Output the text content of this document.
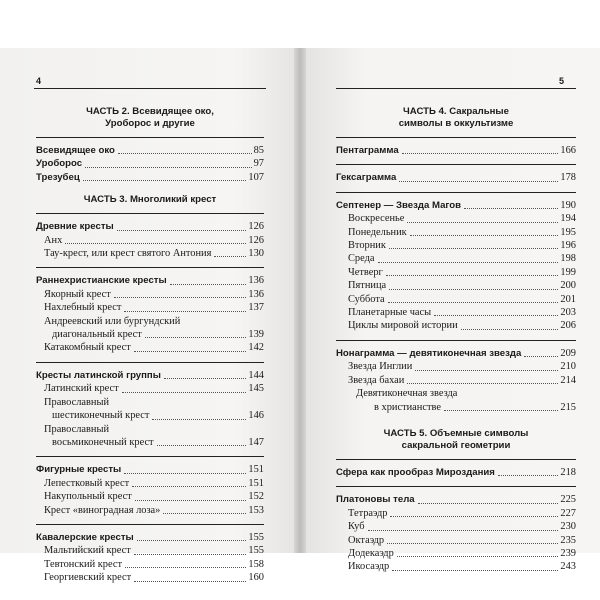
4
ЧАСТЬ 2. Всевидящее око,
Уроборос и другие
Всевидящее око	85
Уроборос	97
Трезубец	107
ЧАСТЬ 3. Многоликий крест
Древние кресты	126
Анх	126
Тау-крест, или крест святого Антония	130
Раннехристианские кресты	136
Якорный крест	136
Нахлебный крест	137
Андреевский или бургундский
диагональный крест	139
Катакомбный крест	142
Кресты латинской группы	144
Латинский крест	145
Православный
шестиконечный крест	146
Православный
восьмиконечный крест	147
Фигурные кресты	151
Лепестковый крест	151
Накупольный крест	152
Крест «виноградная лоза»	153
Кавалерские кресты	155
Мальтийский крест	155
Тевтонский крест	158
Георгиевский крест	160
5
ЧАСТЬ 4. Сакральные
символы в оккультизме
Пентаграмма	166
Гексаграмма	178
Септенер — Звезда Магов	190
Воскресенье	194
Понедельник	195
Вторник	196
Среда	198
Четверг	199
Пятница	200
Суббота	201
Планетарные часы	203
Циклы мировой истории	206
Нонаграмма — девятиконечная звезда	209
Звезда Инглии	210
Звезда бахаи	214
Девятиконечная звезда
в христианстве	215
ЧАСТЬ 5. Объемные символы
сакральной геометрии
Сфера как прообраз Мироздания	218
Платоновы тела	225
Тетраэдр	227
Куб	230
Октаэдр	235
Додекаэдр	239
Икосаэдр	243
